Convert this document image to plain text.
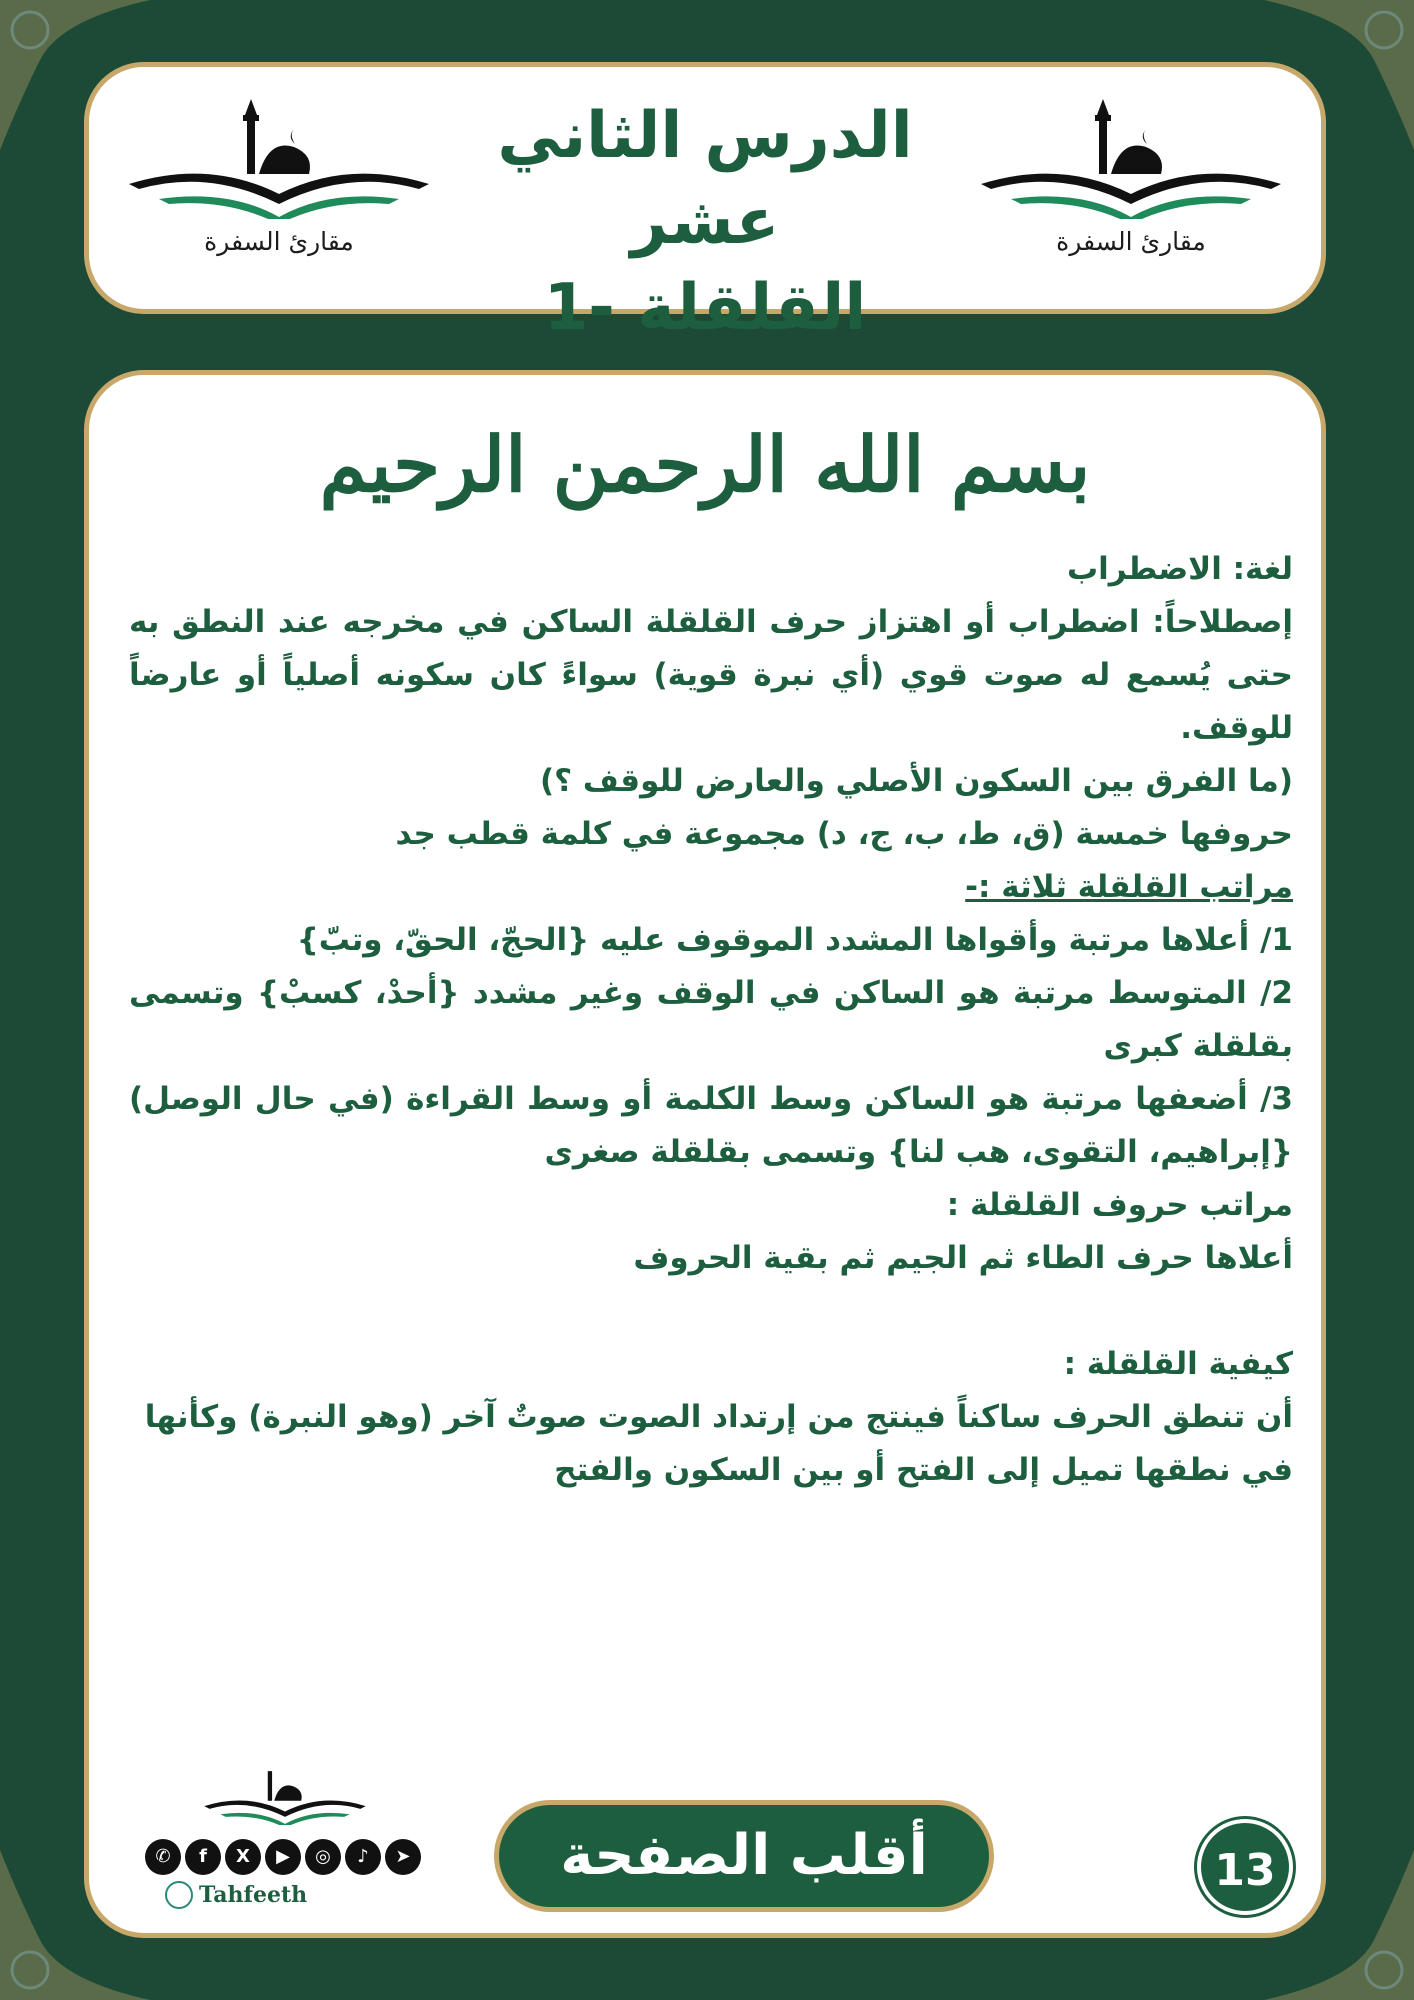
مقارئ السفرة
الدرس الثاني عشر
القلقلة -1
مقارئ السفرة
بسم الله الرحمن الرحيم

لغة: الاضطراب

إصطلاحاً: اضطراب أو اهتزاز حرف القلقلة الساكن في مخرجه عند النطق به حتى يُسمع له صوت قوي (أي نبرة قوية) سواءً كان سكونه أصلياً أو عارضاً للوقف.

(ما الفرق بين السكون الأصلي والعارض للوقف ؟)

حروفها خمسة (ق، ط، ب، ج، د) مجموعة في كلمة قطب جد

مراتب القلقلة ثلاثة :-

1/ أعلاها مرتبة وأقواها المشدد الموقوف عليه {الحجّ، الحقّ، وتبّ}

2/ المتوسط مرتبة هو الساكن في الوقف وغير مشدد {أحدْ، كسبْ} وتسمى بقلقلة كبرى

3/ أضعفها مرتبة هو الساكن وسط الكلمة أو وسط القراءة (في حال الوصل) {إبراهيم، التقوى، هب لنا} وتسمى بقلقلة صغرى

مراتب حروف القلقلة :

أعلاها حرف الطاء ثم الجيم ثم بقية الحروف

كيفية القلقلة :

أن تنطق الحرف ساكناً فينتج من إرتداد الصوت صوتٌ آخر (وهو النبرة) وكأنها في نطقها تميل إلى الفتح أو بين السكون والفتح

✆	f	X	▶	◎	♪	➤
Tahfeeth
أقلب الصفحة	13
